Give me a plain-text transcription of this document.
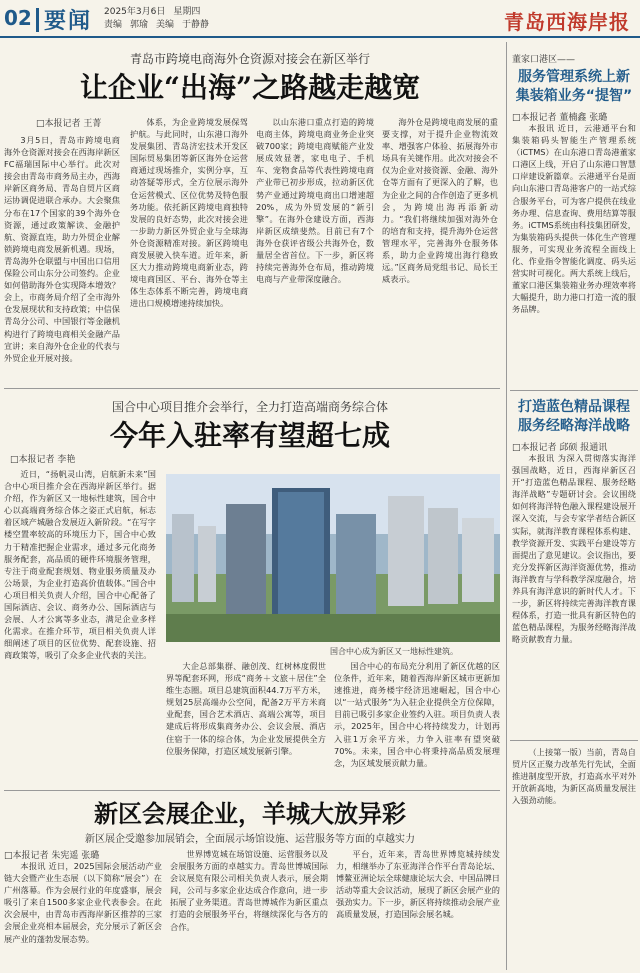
02 要闻 2025年3月6日 星期四
责编 郭瑜 美编 于静静	青岛西海岸报
青岛市跨境电商海外仓资源对接会在新区举行
让企业“出海”之路越走越宽
□本报记者 王菁

3月5日，青岛市跨境电商海外仓资源对接会在西海岸新区FC福瑞国际中心举行。此次对接会由青岛市商务局主办，西海岸新区商务局、青岛自贸片区商运协调促进联合承办。大会聚焦分布在17个国家的39个海外仓资源，通过政策解读、金融护航、资源直连，助力外贸企业解锁跨境电商发展新机遇。现场，青岛海外仓联盟与中国出口信用保险公司山东分公司签约。企业如何借助海外仓实现降本增效？会上，市商务局介绍了全市海外仓发展现状和支持政策；中信保青岛分公司、中国银行等金融机构进行了跨境电商相关金融产品宣讲；来自海外仓企业的代表与外贸企业开展对接。

体系，为企业跨境发展保驾护航。与此同时，山东港口海外发展集团、青岛济宏技术开发区国际贸易集团等新区海外仓运营商通过现场推介，实例分享，互动答疑等形式，全方位展示海外仓运营模式、区位优势及特色服务功能。依托新区跨境电商独特发展的良好态势，此次对接会进一步助力新区外贸企业与全球海外仓资源精准对接。新区跨境电商发展驶入快车道。近年来，新区大力推动跨境电商新业态，跨境电商国区、平台、海外仓等主体生态体系不断完善，跨境电商进出口规模增速持续加快。

以山东港口重点打造的跨境电商主体，跨境电商业务企业突破700家；跨境电商赋能产业发展成效显著，家电电子、手机车、宠物食品等代表性跨境电商产业带已初步形成，拉动新区优势产业通过跨境电商出口增速超20%，成为外贸发展的“新引擎”。在海外仓建设方面，西海岸新区成绩斐然。目前已有7个海外仓获评省级公共海外仓，数量居全省首位。下一步，新区将持续完善海外仓布局，推动跨境电商与产业带深度融合。

海外仓是跨境电商发展的重要支撑，对于提升企业物流效率、增强客户体验、拓展海外市场具有关键作用。此次对接会不仅为企业对接资源、金融、海外仓等方面有了更深入的了解，也为企业之间的合作创造了更多机会，为跨境出海再添新动力。“我们将继续加强对海外仓的培育和支持，提升海外仓运营管理水平，完善海外仓服务体系，助力企业跨境出海行稳致远。”区商务局党组书记、局长王威表示。

国合中心项目推介会举行，全力打造高端商务综合体
今年入驻率有望超七成
□本报记者 李艳

近日，“扬帆灵山湾，启航新未来”国合中心项目推介会在西海岸新区举行。据介绍，作为新区又一地标性建筑，国合中心以高端商务综合体之姿正式启航，标志着区域产城融合发展迈入新阶段。“在写字楼空置率较高的环境压力下，国合中心致力于精准把握企业需求，通过多元化商务服务配套，高品质的硬件环境服务管理，专注于商业配套规划、物业服务质量及办公场景，为企业打造高价值载体。”国合中心项目相关负责人介绍，国合中心配备了国际酒店、会议、商务办公、国际酒店与会展、人才公寓等多业态，满足企业多样化需求。在推介环节，项目相关负责人详细阐述了项目的区位优势、配套设施、招商政策等，吸引了众多企业代表的关注。	国合中心成为新区又一地标性建筑。

大企总部集群、融创茂、红树林度假世界等配套环网，形成“商务＋文旅＋居住”全维生态圈。项目总建筑面积44.7万平方米，规划25层高端办公空间，配备2万平方米商业配套，国合艺术酒店、高端公寓等，项目建成后将形成集商务办公、会议会展、酒店住宿于一体的综合体，为企业发展提供全方位服务保障，打造区域发展新引擎。

国合中心的布局充分利用了新区优越的区位条件，近年来，随着西海岸新区城市更新加速推进，商务楼宇经济迅速崛起，国合中心以“一站式服务”为入驻企业提供全方位保障，目前已吸引多家企业签约入驻。项目负责人表示，2025年，国合中心将持续发力，计划再入驻1万余平方米，力争入驻率有望突破70%。未来，国合中心将秉持高品质发展理念，为区域发展贡献力量。

新区会展企业，羊城大放异彩
新区展企受邀参加展销会，全面展示场馆设施、运营服务等方面的卓越实力
□本报记者 朱宪遥 张璐

本报讯 近日，2025国际会展活动产业链大会暨产业生态展（以下简称“展会”）在广州落幕。作为会展行业的年度盛事，展会吸引了来自1500多家企业代表参会。在此次会展中，由青岛市西海岸新区推荐的三家会展企业亮相本届展会，充分展示了新区会展产业的蓬勃发展态势。

世界博览城在场馆设施、运营服务以及会展服务方面的卓越实力。青岛世博城国际会议展览有限公司相关负责人表示，展会期间，公司与多家企业达成合作意向，进一步拓展了业务渠道。青岛世博城作为新区重点打造的会展服务平台，将继续深化与各方的合作。

平台，近年来，青岛世界博览城持续发力，相继举办了东亚海洋合作平台青岛论坛、博鳌亚洲论坛全球健康论坛大会、中国品牌日活动等重大会议活动，展现了新区会展产业的强劲实力。下一步，新区将持续推动会展产业高质量发展，打造国际会展名城。

董家口港区——
服务管理系统上新
集装箱业务“提智”
□本报记者 董楠鑫 张璐

本报讯 近日，云港通平台和集装箱码头智能生产管理系统（iCTMS）在山东港口青岛港董家口港区上线，开启了山东港口智慧口岸建设新篇章。云港通平台是面向山东港口青岛港客户的一站式综合服务平台，可为客户提供在线业务办理、信息查询、费用结算等服务。iCTMS系统由科技集团研发，为集装箱码头提供一体化生产管理服务，可实现业务流程全面线上化、作业指令智能化调度、码头运营实时可视化。两大系统上线后，董家口港区集装箱业务办理效率将大幅提升，助力港口打造一流的服务品牌。

打造蓝色精品课程
服务经略海洋战略
□本报记者 邱硕 报通讯

本报讯 为深入贯彻落实海洋强国战略，近日，西海岸新区召开“打造蓝色精品课程、服务经略海洋战略”专题研讨会。会议围绕如何将海洋特色融入课程建设展开深入交流，与会专家学者结合新区实际，就海洋教育课程体系构建、教学资源开发、实践平台建设等方面提出了意见建议。会议指出，要充分发挥新区海洋资源优势，推动海洋教育与学科教学深度融合，培养具有海洋意识的新时代人才。下一步，新区将持续完善海洋教育课程体系，打造一批具有新区特色的蓝色精品课程，为服务经略海洋战略贡献教育力量。

（上接第一版）当前，青岛自贸片区正聚力改革先行先试，全面推进制度型开放，打造高水平对外开放新高地，为新区高质量发展注入强劲动能。
